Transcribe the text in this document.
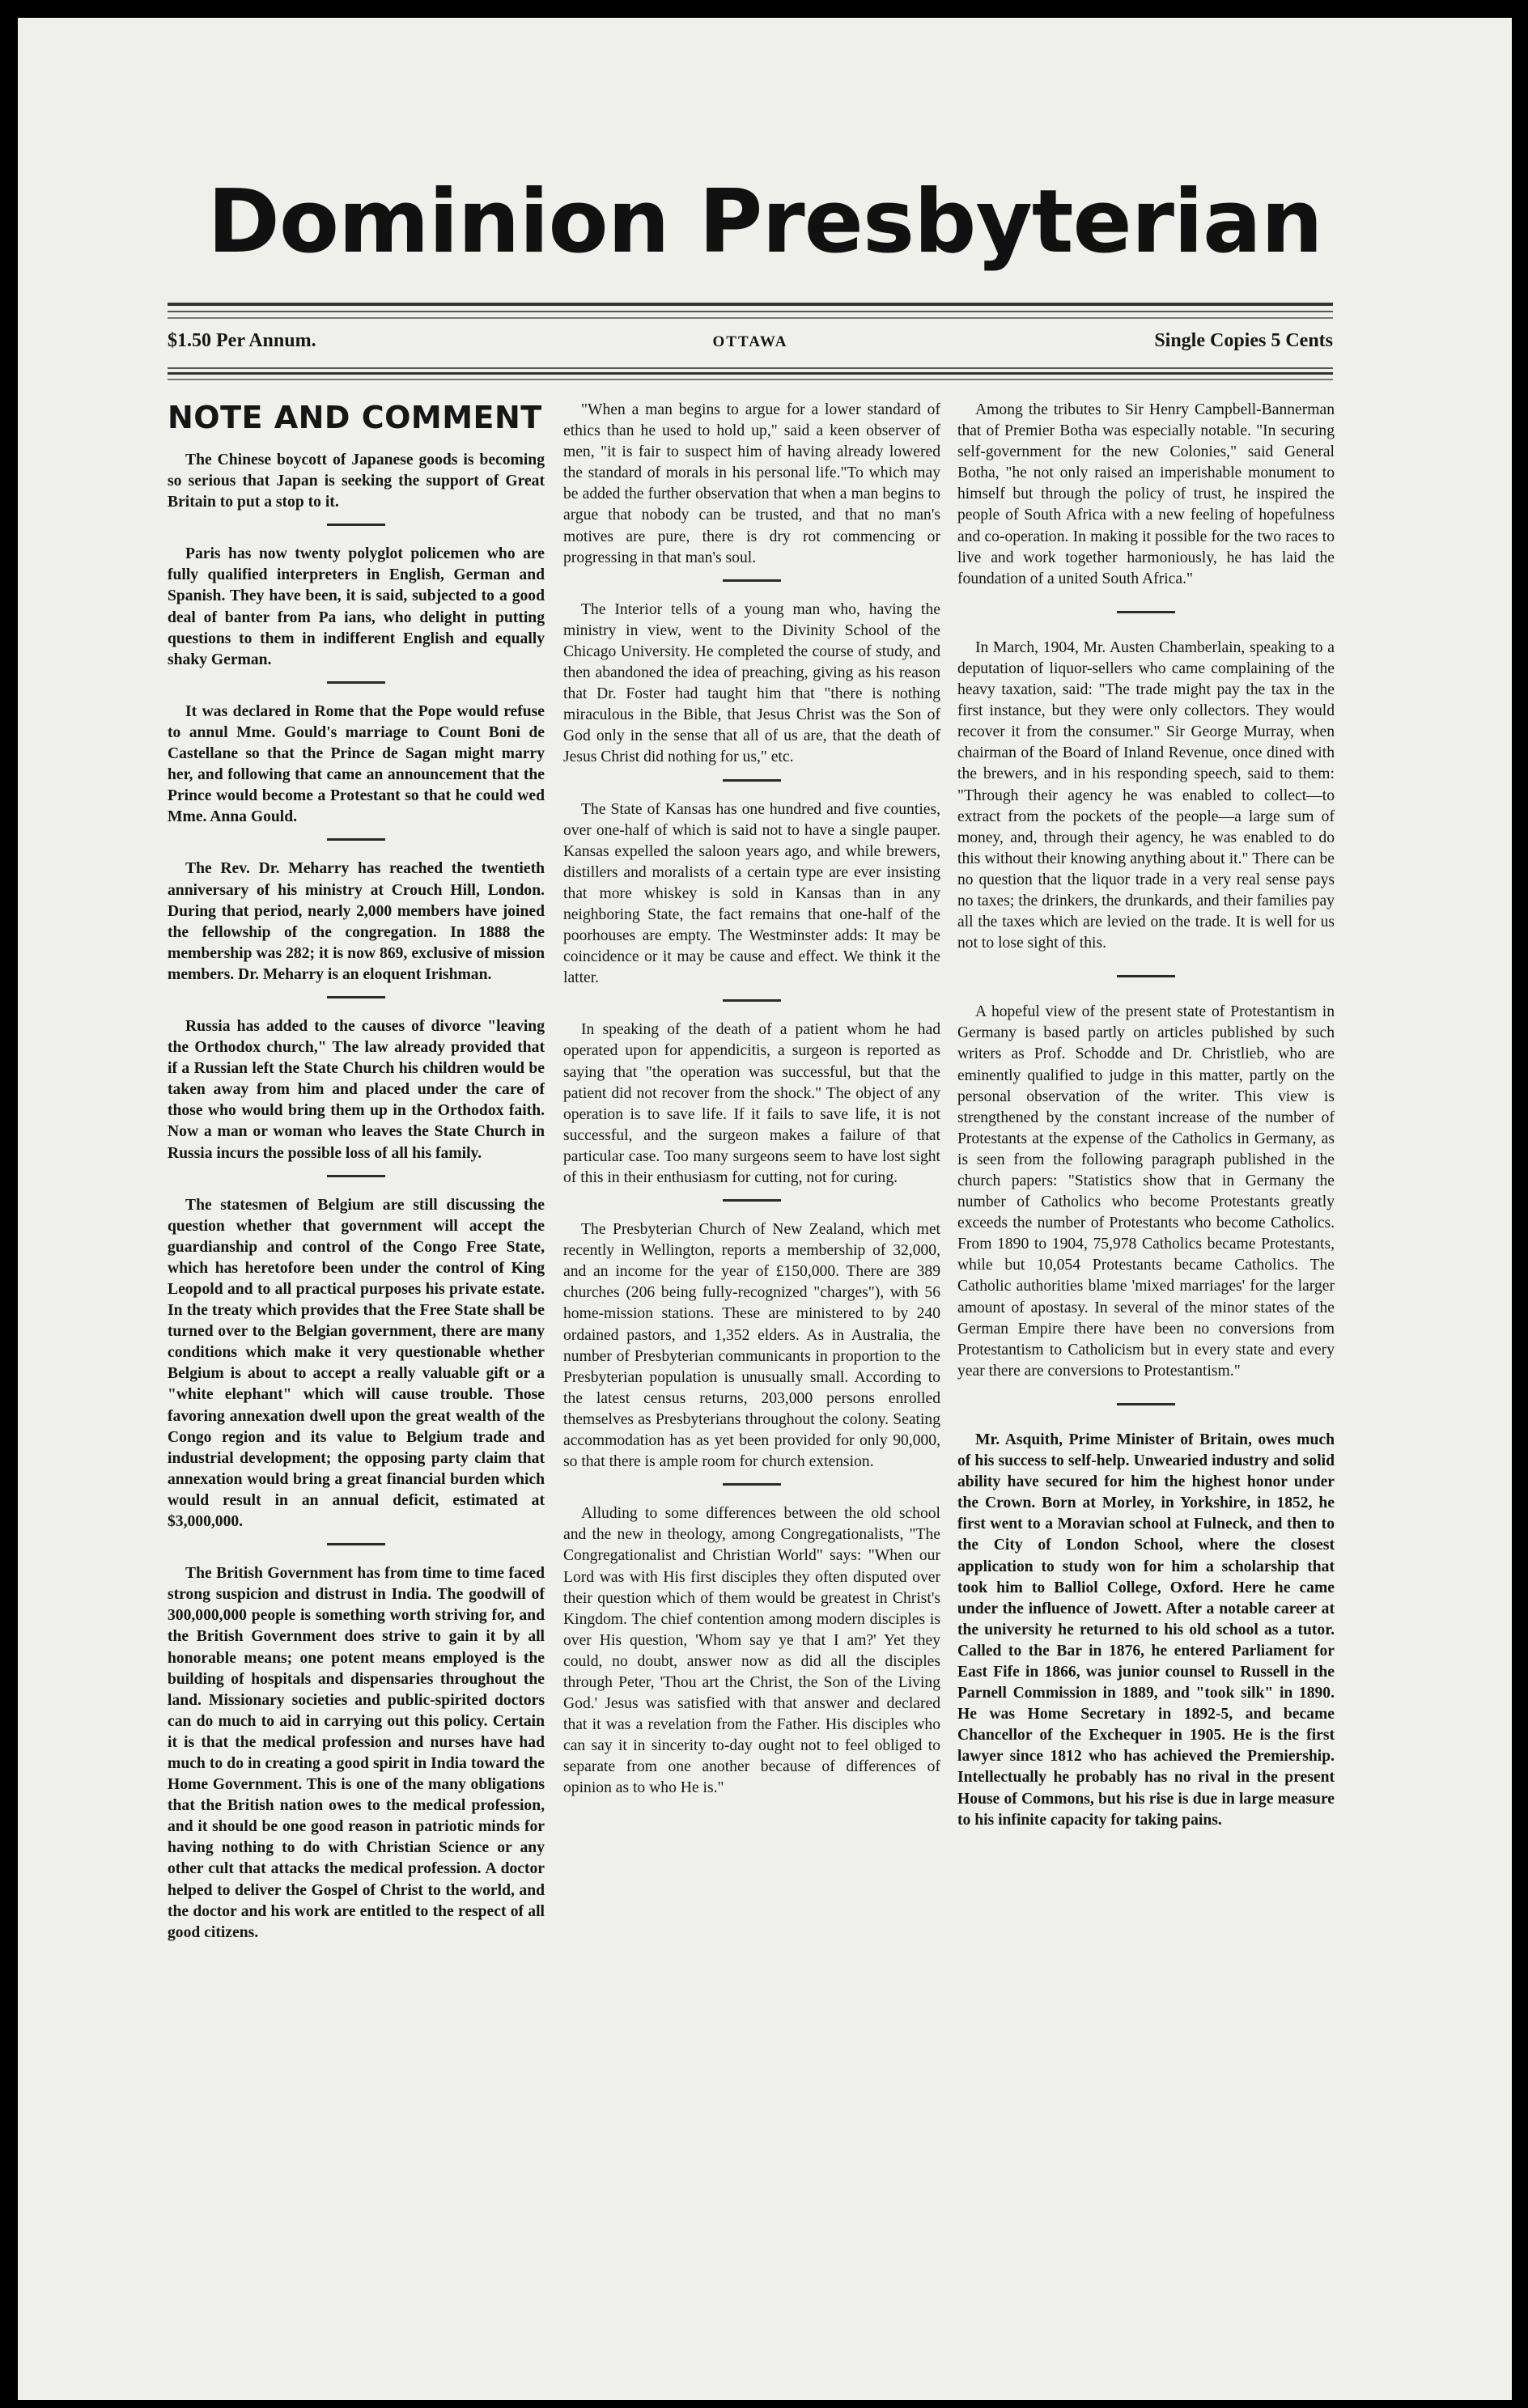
Dominion Presbyterian
$1.50 Per Annum.	OTTAWA	Single Copies 5 Cents
NOTE AND COMMENT

The Chinese boycott of Japanese goods is becoming so serious that Japan is seeking the support of Great Britain to put a stop to it.

Paris has now twenty polyglot policemen who are fully qualified interpreters in English, German and Spanish. They have been, it is said, subjected to a good deal of banter from Pa ians, who delight in putting questions to them in indifferent English and equally shaky German.

It was declared in Rome that the Pope would refuse to annul Mme. Gould's marriage to Count Boni de Castellane so that the Prince de Sagan might marry her, and following that came an announcement that the Prince would become a Protestant so that he could wed Mme. Anna Gould.

The Rev. Dr. Meharry has reached the twentieth anniversary of his ministry at Crouch Hill, London. During that period, nearly 2,000 members have joined the fellowship of the congregation. In 1888 the membership was 282; it is now 869, exclusive of mission members. Dr. Meharry is an eloquent Irishman.

Russia has added to the causes of divorce "leaving the Orthodox church," The law already provided that if a Russian left the State Church his children would be taken away from him and placed under the care of those who would bring them up in the Orthodox faith. Now a man or woman who leaves the State Church in Russia incurs the possible loss of all his family.

The statesmen of Belgium are still discussing the question whether that government will accept the guardianship and control of the Congo Free State, which has heretofore been under the control of King Leopold and to all practical purposes his private estate. In the treaty which provides that the Free State shall be turned over to the Belgian government, there are many conditions which make it very questionable whether Belgium is about to accept a really valuable gift or a "white elephant" which will cause trouble. Those favoring annexation dwell upon the great wealth of the Congo region and its value to Belgium trade and industrial development; the opposing party claim that annexation would bring a great financial burden which would result in an annual deficit, estimated at $3,000,000.

The British Government has from time to time faced strong suspicion and distrust in India. The goodwill of 300,000,000 people is something worth striving for, and the British Government does strive to gain it by all honorable means; one potent means employed is the building of hospitals and dispensaries throughout the land. Missionary societies and public-spirited doctors can do much to aid in carrying out this policy. Certain it is that the medical profession and nurses have had much to do in creating a good spirit in India toward the Home Government. This is one of the many obligations that the British nation owes to the medical profession, and it should be one good reason in patriotic minds for having nothing to do with Christian Science or any other cult that attacks the medical profession. A doctor helped to deliver the Gospel of Christ to the world, and the doctor and his work are entitled to the respect of all good citizens.

"When a man begins to argue for a lower standard of ethics than he used to hold up," said a keen observer of men, "it is fair to suspect him of having already lowered the standard of morals in his personal life."To which may be added the further observation that when a man begins to argue that nobody can be trusted, and that no man's motives are pure, there is dry rot commencing or progressing in that man's soul.

The Interior tells of a young man who, having the ministry in view, went to the Divinity School of the Chicago University. He completed the course of study, and then abandoned the idea of preaching, giving as his reason that Dr. Foster had taught him that "there is nothing miraculous in the Bible, that Jesus Christ was the Son of God only in the sense that all of us are, that the death of Jesus Christ did nothing for us," etc.

The State of Kansas has one hundred and five counties, over one-half of which is said not to have a single pauper. Kansas expelled the saloon years ago, and while brewers, distillers and moralists of a certain type are ever insisting that more whiskey is sold in Kansas than in any neighboring State, the fact remains that one-half of the poorhouses are empty. The Westminster adds: It may be coincidence or it may be cause and effect. We think it the latter.

In speaking of the death of a patient whom he had operated upon for appendicitis, a surgeon is reported as saying that "the operation was successful, but that the patient did not recover from the shock." The object of any operation is to save life. If it fails to save life, it is not successful, and the surgeon makes a failure of that particular case. Too many surgeons seem to have lost sight of this in their enthusiasm for cutting, not for curing.

The Presbyterian Church of New Zealand, which met recently in Wellington, reports a membership of 32,000, and an income for the year of £150,000. There are 389 churches (206 being fully-recognized "charges"), with 56 home-mission stations. These are ministered to by 240 ordained pastors, and 1,352 elders. As in Australia, the number of Presbyterian communicants in proportion to the Presbyterian population is unusually small. According to the latest census returns, 203,000 persons enrolled themselves as Presbyterians throughout the colony. Seating accommodation has as yet been provided for only 90,000, so that there is ample room for church extension.

Alluding to some differences between the old school and the new in theology, among Congregationalists, "The Congregationalist and Christian World" says: "When our Lord was with His first disciples they often disputed over their question which of them would be greatest in Christ's Kingdom. The chief contention among modern disciples is over His question, 'Whom say ye that I am?' Yet they could, no doubt, answer now as did all the disciples through Peter, 'Thou art the Christ, the Son of the Living God.' Jesus was satisfied with that answer and declared that it was a revelation from the Father. His disciples who can say it in sincerity to-day ought not to feel obliged to separate from one another because of differences of opinion as to who He is."

Among the tributes to Sir Henry Campbell-Bannerman that of Premier Botha was especially notable. "In securing self-government for the new Colonies," said General Botha, "he not only raised an imperishable monument to himself but through the policy of trust, he inspired the people of South Africa with a new feeling of hopefulness and co-operation. In making it possible for the two races to live and work together harmoniously, he has laid the foundation of a united South Africa."

In March, 1904, Mr. Austen Chamberlain, speaking to a deputation of liquor-sellers who came complaining of the heavy taxation, said: "The trade might pay the tax in the first instance, but they were only collectors. They would recover it from the consumer." Sir George Murray, when chairman of the Board of Inland Revenue, once dined with the brewers, and in his responding speech, said to them: "Through their agency he was enabled to collect—to extract from the pockets of the people—a large sum of money, and, through their agency, he was enabled to do this without their knowing anything about it." There can be no question that the liquor trade in a very real sense pays no taxes; the drinkers, the drunkards, and their families pay all the taxes which are levied on the trade. It is well for us not to lose sight of this.

A hopeful view of the present state of Protestantism in Germany is based partly on articles published by such writers as Prof. Schodde and Dr. Christlieb, who are eminently qualified to judge in this matter, partly on the personal observation of the writer. This view is strengthened by the constant increase of the number of Protestants at the expense of the Catholics in Germany, as is seen from the following paragraph published in the church papers: "Statistics show that in Germany the number of Catholics who become Protestants greatly exceeds the number of Protestants who become Catholics. From 1890 to 1904, 75,978 Catholics became Protestants, while but 10,054 Protestants became Catholics. The Catholic authorities blame 'mixed marriages' for the larger amount of apostasy. In several of the minor states of the German Empire there have been no conversions from Protestantism to Catholicism but in every state and every year there are conversions to Protestantism."

Mr. Asquith, Prime Minister of Britain, owes much of his success to self-help. Unwearied industry and solid ability have secured for him the highest honor under the Crown. Born at Morley, in Yorkshire, in 1852, he first went to a Moravian school at Fulneck, and then to the City of London School, where the closest application to study won for him a scholarship that took him to Balliol College, Oxford. Here he came under the influence of Jowett. After a notable career at the university he returned to his old school as a tutor. Called to the Bar in 1876, he entered Parliament for East Fife in 1866, was junior counsel to Russell in the Parnell Commission in 1889, and "took silk" in 1890. He was Home Secretary in 1892-5, and became Chancellor of the Exchequer in 1905. He is the first lawyer since 1812 who has achieved the Premiership. Intellectually he probably has no rival in the present House of Commons, but his rise is due in large measure to his infinite capacity for taking pains.
